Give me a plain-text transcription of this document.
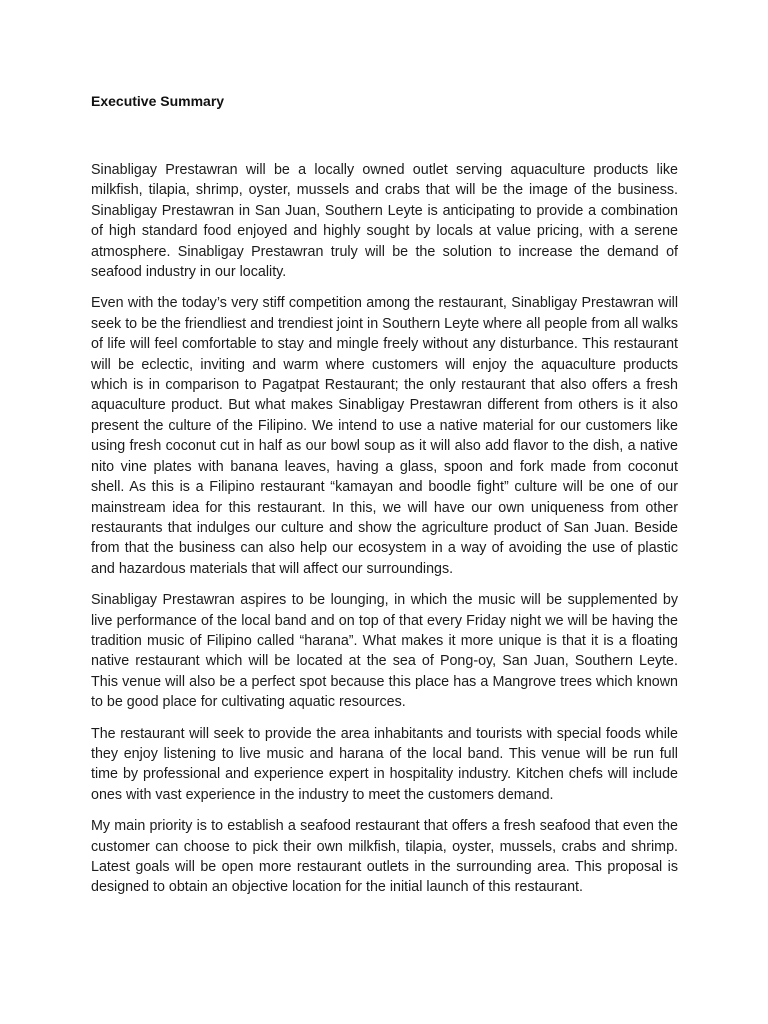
Executive Summary

Sinabligay Prestawran will be a locally owned outlet serving aquaculture products like milkfish, tilapia, shrimp, oyster, mussels and crabs that will be the image of the business. Sinabligay Prestawran in San Juan, Southern Leyte is anticipating to provide a combination of high standard food enjoyed and highly sought by locals at value pricing, with a serene atmosphere. Sinabligay Prestawran truly will be the solution to increase the demand of seafood industry in our locality.

Even with the today’s very stiff competition among the restaurant, Sinabligay Prestawran will seek to be the friendliest and trendiest joint in Southern Leyte where all people from all walks of life will feel comfortable to stay and mingle freely without any disturbance. This restaurant will be eclectic, inviting and warm where customers will enjoy the aquaculture products which is in comparison to Pagatpat Restaurant; the only restaurant that also offers a fresh aquaculture product. But what makes Sinabligay Prestawran different from others is it also present the culture of the Filipino. We intend to use a native material for our customers like using fresh coconut cut in half as our bowl soup as it will also add flavor to the dish, a native nito vine plates with banana leaves, having a glass, spoon and fork made from coconut shell. As this is a Filipino restaurant “kamayan and boodle fight” culture will be one of our mainstream idea for this restaurant. In this, we will have our own uniqueness from other restaurants that indulges our culture and show the agriculture product of San Juan. Beside from that the business can also help our ecosystem in a way of avoiding the use of plastic and hazardous materials that will affect our surroundings.

Sinabligay Prestawran aspires to be lounging, in which the music will be supplemented by live performance of the local band and on top of that every Friday night we will be having the tradition music of Filipino called “harana”. What makes it more unique is that it is a floating native restaurant which will be located at the sea of Pong-oy, San Juan, Southern Leyte. This venue will also be a perfect spot because this place has a Mangrove trees which known to be good place for cultivating aquatic resources.

The restaurant will seek to provide the area inhabitants and tourists with special foods while they enjoy listening to live music and harana of the local band. This venue will be run full time by professional and experience expert in hospitality industry. Kitchen chefs will include ones with vast experience in the industry to meet the customers demand.

My main priority is to establish a seafood restaurant that offers a fresh seafood that even the customer can choose to pick their own milkfish, tilapia, oyster, mussels, crabs and shrimp. Latest goals will be open more restaurant outlets in the surrounding area. This proposal is designed to obtain an objective location for the initial launch of this restaurant.
